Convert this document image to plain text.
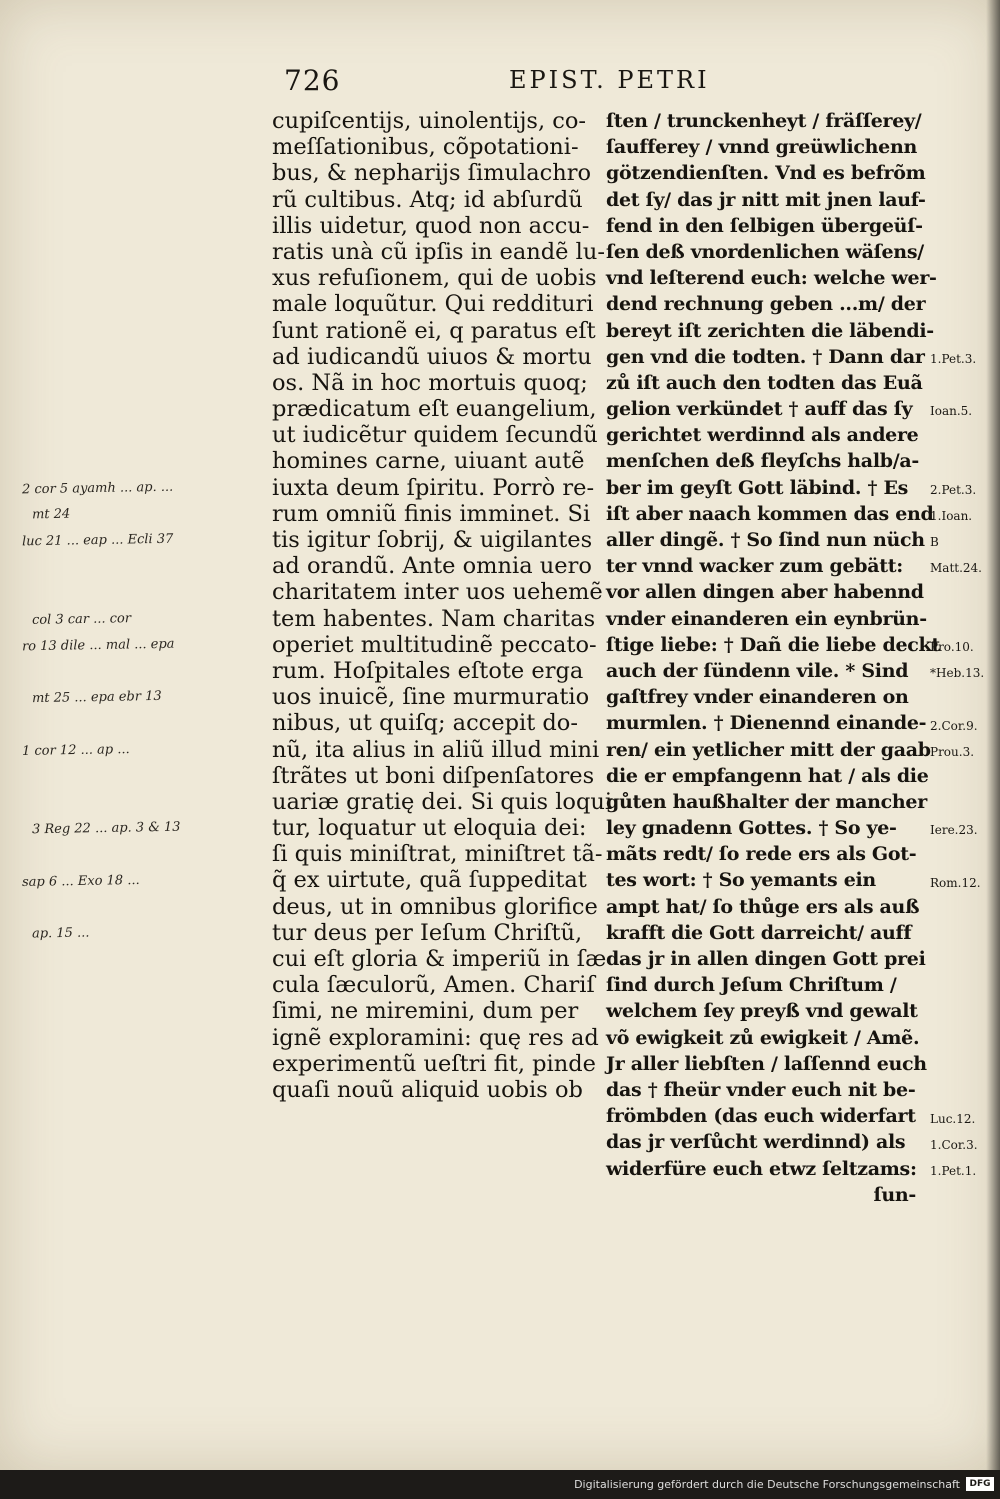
726	EPIST. PETRI
cupiſcentijs, uinolentijs, co-
meſſationibus, cõpotationi-
bus, & nepharijs ſimulachro
rũ cultibus. Atq; id abſurdũ
illis uidetur, quod non accu-
ratis unà cũ ipſis in eandẽ lu-
xus refuſionem, qui de uobis
male loquũtur. Qui reddituri
ſunt rationẽ ei, q paratus eſt
ad iudicandũ uiuos & mortu
os. Nã in hoc mortuis quoq;
prædicatum eſt euangelium,
ut iudicẽtur quidem ſecundũ
homines carne, uiuant autẽ
iuxta deum ſpiritu. Porrò re-
rum omniũ finis imminet. Si
tis igitur ſobrij, & uigilantes
ad orandũ. Ante omnia uero
charitatem inter uos uehemẽ
tem habentes. Nam charitas
operiet multitudinẽ peccato-
rum. Hoſpitales eſtote erga
uos inuicẽ, ſine murmuratio
nibus, ut quiſq; accepit do-
nũ, ita alius in aliũ illud mini
ſtrãtes ut boni diſpenſatores
uariæ gratię dei. Si quis loqui
tur, loquatur ut eloquia dei:
ſi quis miniſtrat, miniſtret tã-
q̃ ex uirtute, quã ſuppeditat
deus, ut in omnibus glorifice
tur deus per Ieſum Chriſtũ,
cui eſt gloria & imperiũ in ſæ
cula ſæculorũ, Amen. Chariſ
ſimi, ne miremini, dum per
ignẽ exploramini: quę res ad
experimentũ ueſtri fit, pinde
quaſi nouũ aliquid uobis ob
ſten / trunckenheyt / fräſſerey/
ſaufferey / vnnd greüwlichenn
götzendienſten. Vnd es befrõm
det ſy/ das jr nitt mit jnen lauf-
fend in den ſelbigen übergeüſ-
ſen deß vnordenlichen wäſens/
vnd leſterend euch: welche wer-
dend rechnung geben ...m/ der
bereyt iſt zerichten die läbendi-
gen vnd die todten. † Dann dar
zů iſt auch den todten das Euã
gelion verkündet † auff das ſy
gerichtet werdinnd als andere
menſchen deß fleyſchs halb/a-
ber im geyſt Gott läbind. † Es
iſt aber naach kommen das end
aller dingẽ. † So ſind nun nüch
ter vnnd wacker zum gebätt:
vor allen dingen aber habennd
vnder einanderen ein eynbrün-
ſtige liebe: † Dañ die liebe deckt
auch der ſündenn vile. * Sind
gaſtfrey vnder einanderen on
murmlen. † Dienennd einande-
ren/ ein yetlicher mitt der gaab
die er empfangenn hat / als die
gůten haußhalter der mancher
ley gnadenn Gottes. † So ye-
mãts redt/ ſo rede ers als Got-
tes wort: † So yemants ein
ampt hat/ ſo thůge ers als auß
krafft die Gott darreicht/ auff
das jr in allen dingen Gott prei
ſind durch Jeſum Chriſtum /
welchem ſey preyß vnd gewalt
võ ewigkeit zů ewigkeit / Amẽ.
Jr aller liebſten / laſſennd euch
das † fheür vnder euch nit be-
frömbden (das euch widerfart
das jr verſůcht werdinnd) als
widerfüre euch etwz ſeltzams:
ſun-
1.Pet.3.
Ioan.5.
2.Pet.3.
1.Ioan.
B
Matt.24.
Pro.10.
*Heb.13.
2.Cor.9.
Prou.3.
Iere.23.
Rom.12.
Luc.12.
1.Cor.3.
1.Pet.1.
2 cor 5 ayamh ... ap. ...
mt 24
luc 21 ... eap ... Ecli 37
col 3 car ... cor
ro 13 dile ... mal ... epa
mt 25 ... epa ebr 13
1 cor 12 ... ap ...
3 Reg 22 ... ap. 3 & 13
sap 6 ... Exo 18 ...
ap. 15 ...
Digitalisierung gefördert durch die Deutsche Forschungsgemeinschaft	DFG
